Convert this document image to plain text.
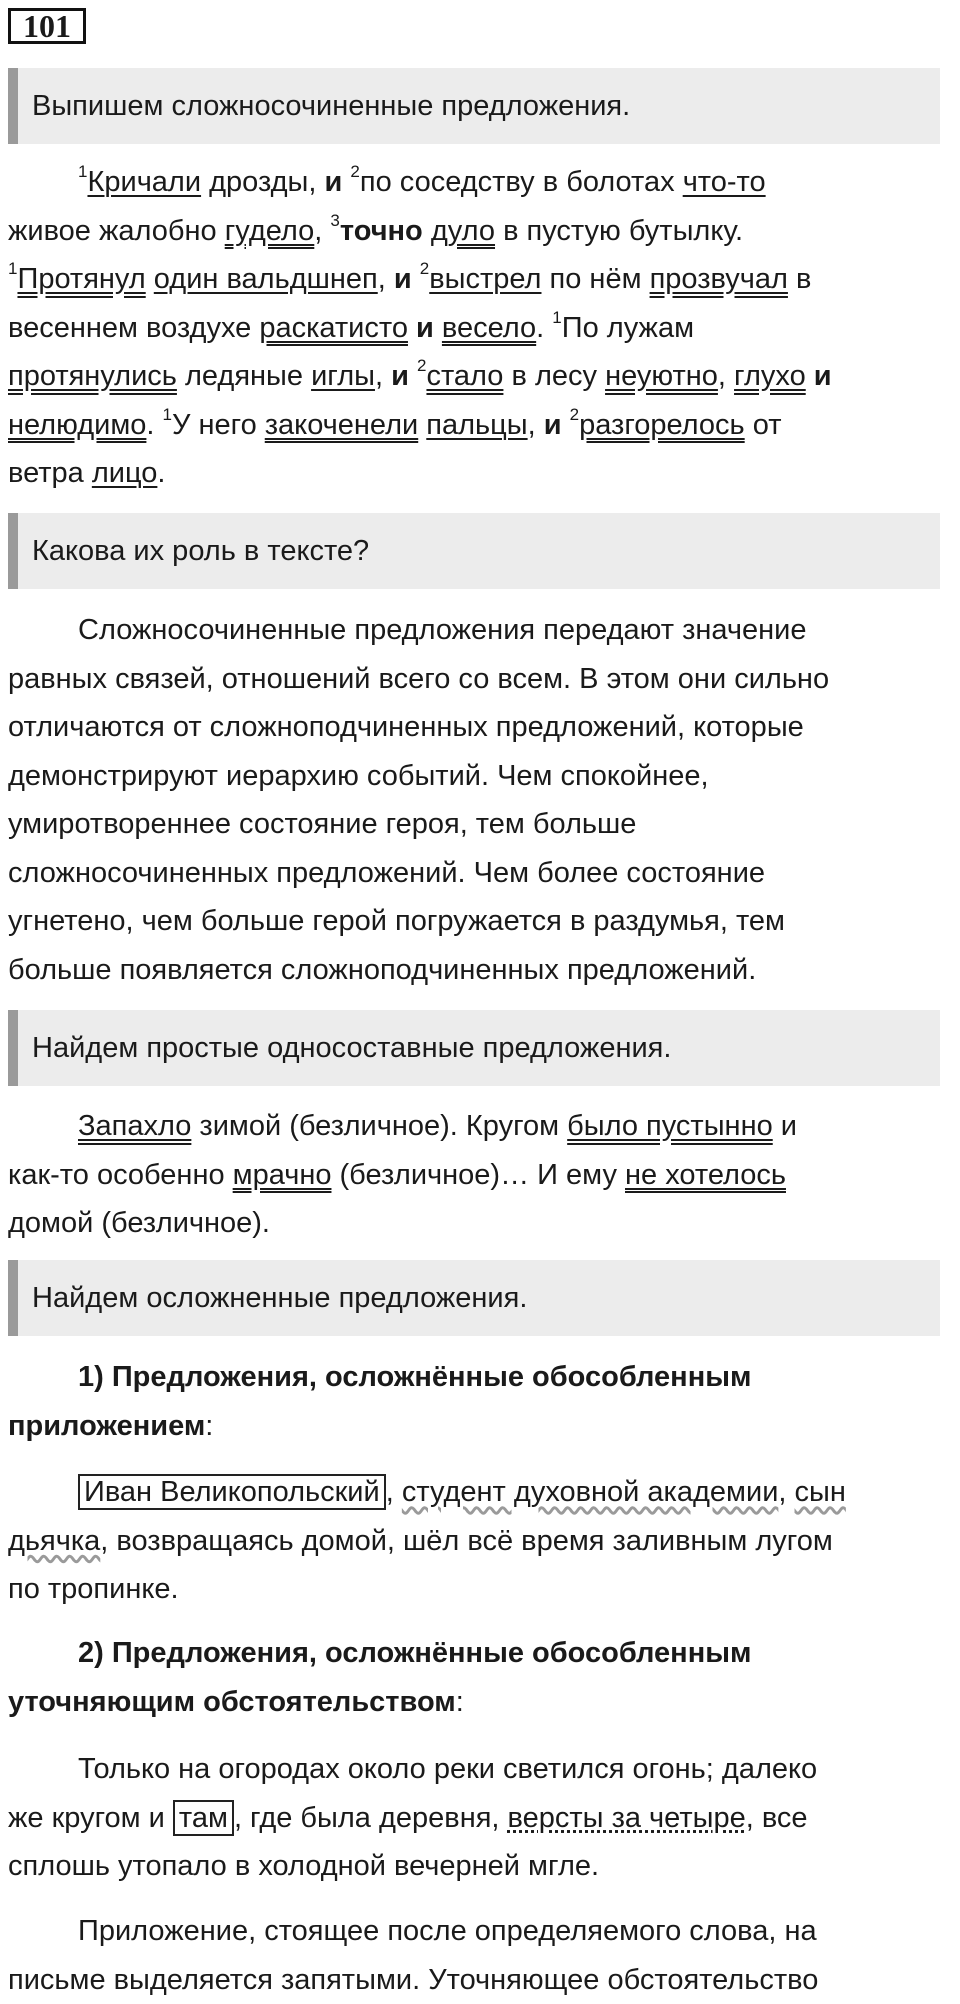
101
Выпишем сложносочиненные предложения.
$^1$Кричали дрозды, и $^2$по соседству в болотах что-то
живое жалобно гудело, $^3$точно дуло в пустую бутылку.
$^1$Протянул один вальдшнеп, и $^2$выстрел по нём прозвучал в
весеннем воздухе раскатисто и весело. $^1$По лужам
протянулись ледяные иглы, и $^2$стало в лесу неуютно, глухо и
нелюдимо. $^1$У него закоченели пальцы, и $^2$разгорелось от
ветра лицо.
Какова их роль в тексте?
Сложносочиненные предложения передают значение
равных связей, отношений всего со всем. В этом они сильно
отличаются от сложноподчиненных предложений, которые
демонстрируют иерархию событий. Чем спокойнее,
умиротвореннее состояние героя, тем больше
сложносочиненных предложений. Чем более состояние
угнетено, чем больше герой погружается в раздумья, тем
больше появляется сложноподчиненных предложений.
Найдем простые односоставные предложения.
Запахло зимой (безличное). Кругом было пустынно и
как-то особенно мрачно (безличное)… И ему не хотелось
домой (безличное).
Найдем осложненные предложения.
1) Предложения, осложнённые обособленным
приложением:
Иван Великопольский , студент духовной академии, сын
дьячка, возвращаясь домой, шёл всё время заливным лугом
по тропинке.
2) Предложения, осложнённые обособленным
уточняющим обстоятельством:
Только на огородах около реки светился огонь; далеко
же кругом и там , где была деревня, версты за четыре, все
сплошь утопало в холодной вечерней мгле.
Приложение, стоящее после определяемого слова, на
письме выделяется запятыми. Уточняющее обстоятельство
